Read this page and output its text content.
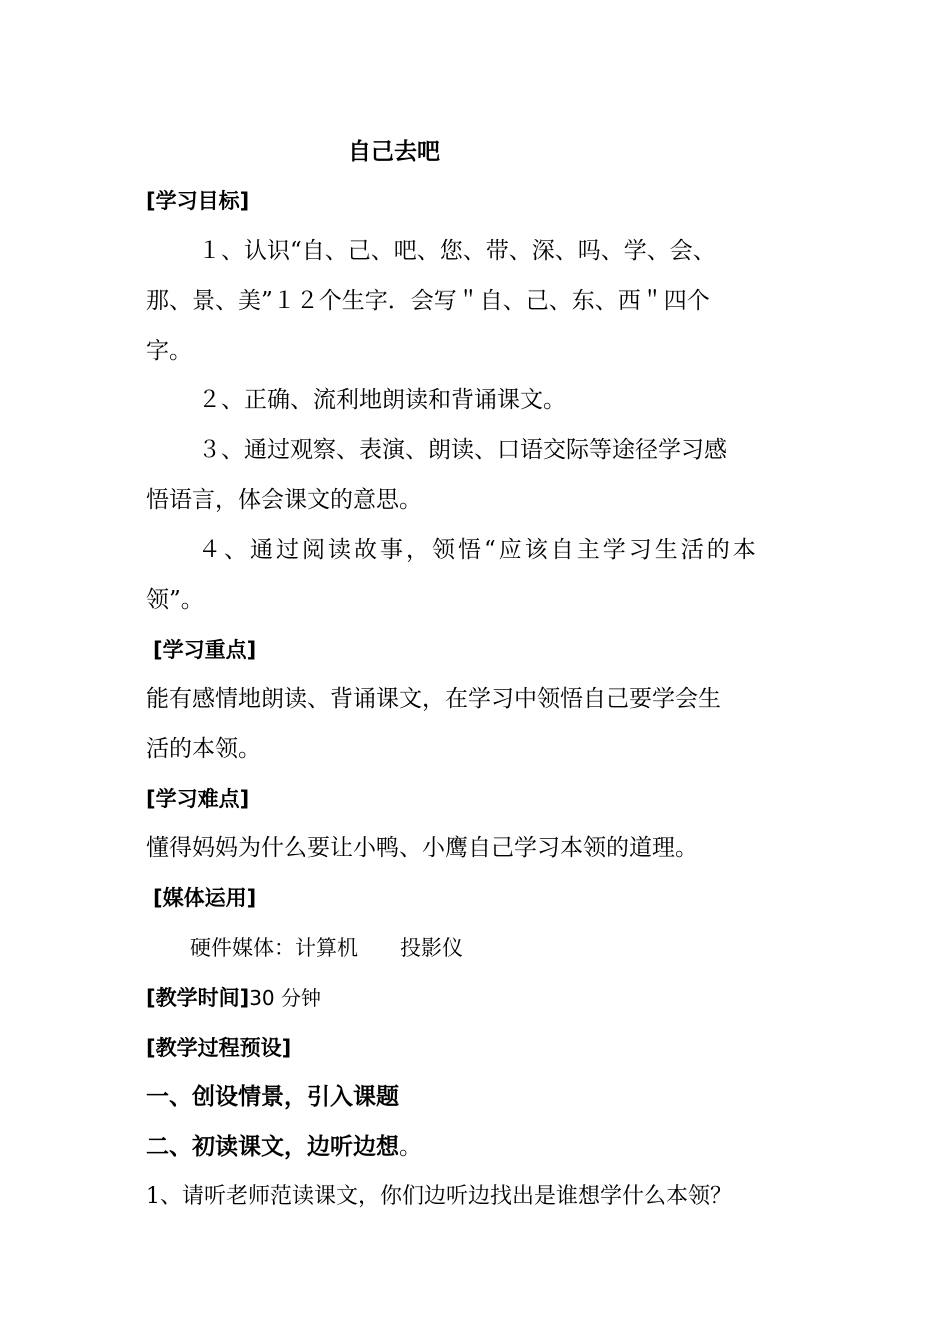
自己去吧
[学习目标]
１、认识“自、己、吧、您、带、深、吗、学、会、
那、景、美”１２个生字．会写＂自、己、东、西＂四个
字。
２、正确、流利地朗读和背诵课文。
３、通过观察、表演、朗读、口语交际等途径学习感
悟语言，体会课文的意思。
４、通过阅读故事，领悟“应该自主学习生活的本
领”。
[学习重点]
能有感情地朗读、背诵课文，在学习中领悟自己要学会生
活的本领。
[学习难点]
懂得妈妈为什么要让小鸭、小鹰自己学习本领的道理。
[媒体运用]
硬件媒体：计算机　　投影仪
[教学时间]30 分钟
[教学过程预设]
一、创设情景，引入课题
二、初读课文，边听边想。
1、请听老师范读课文，你们边听边找出是谁想学什么本领？
